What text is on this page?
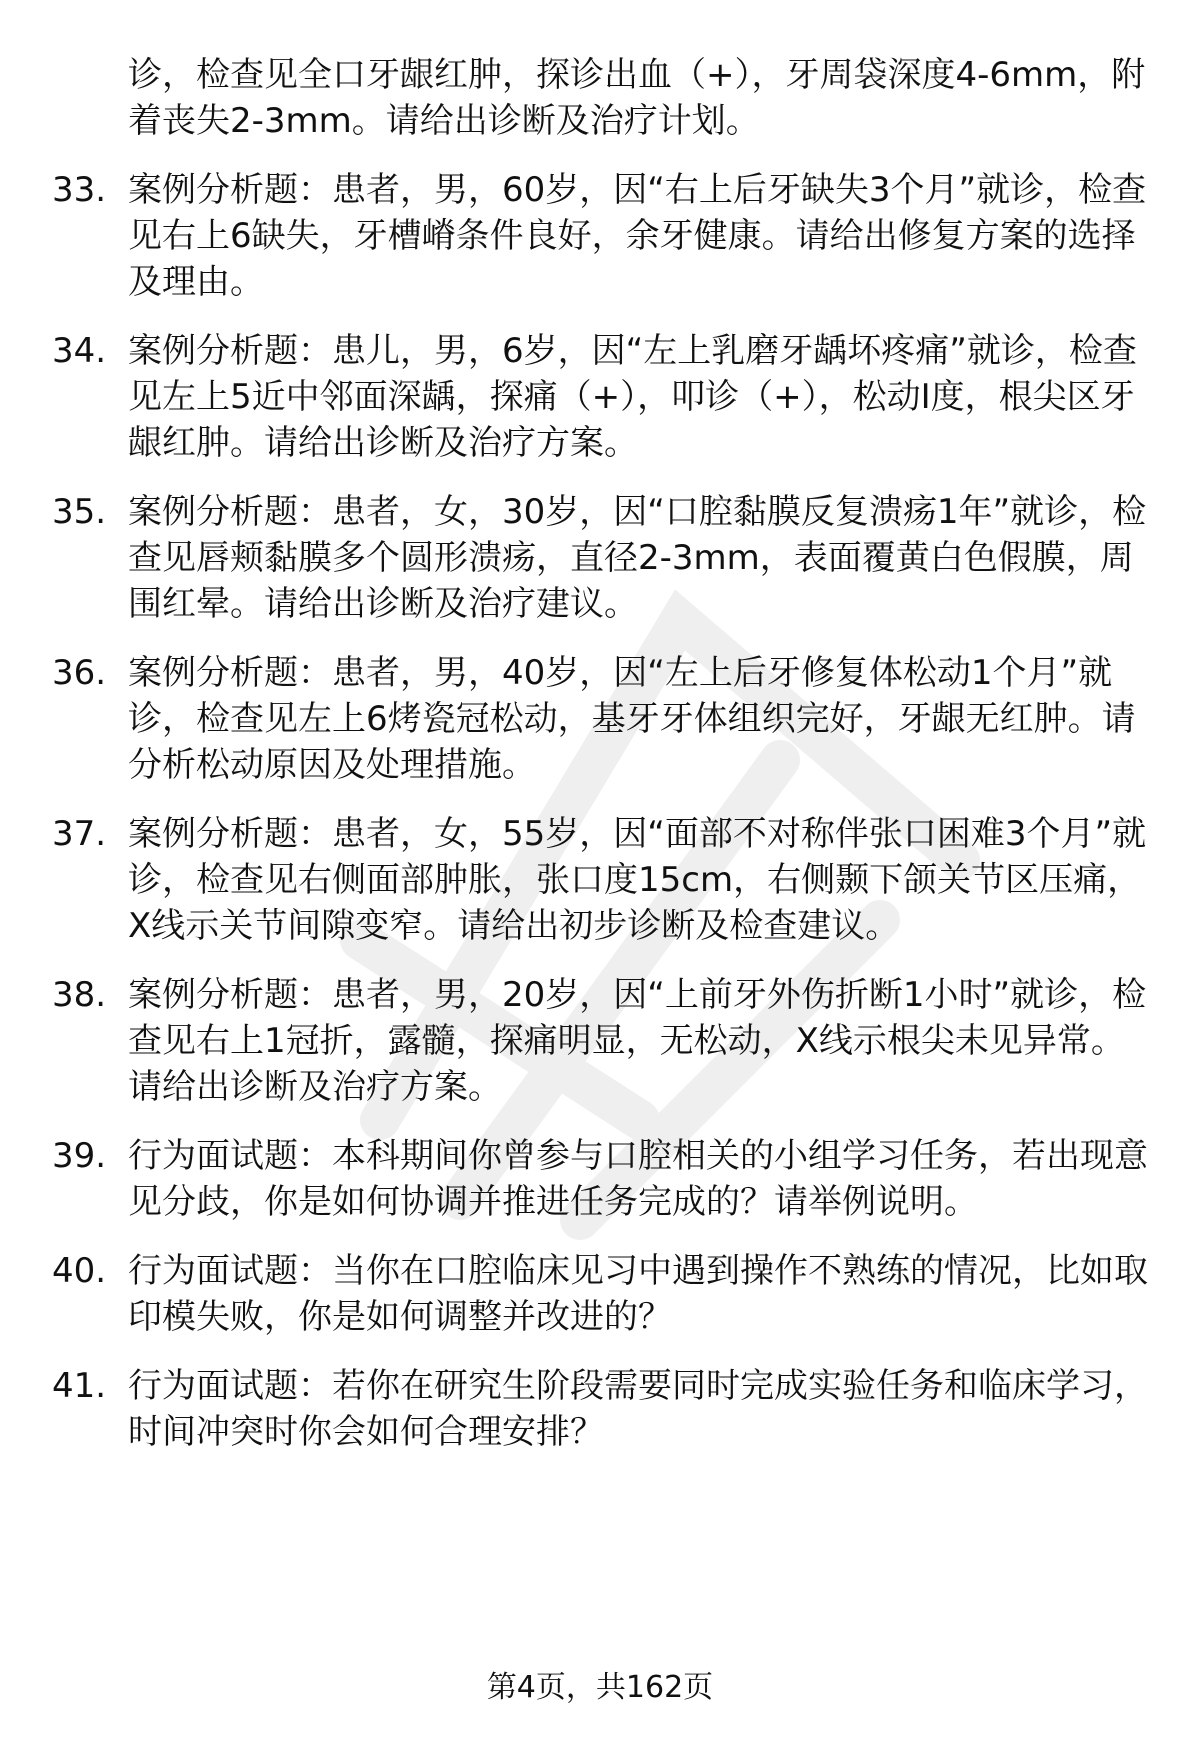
诊，检查见全口牙龈红肿，探诊出血（+），牙周袋深度4-6mm，附着丧失2-3mm。请给出诊断及治疗计划。
33. 案例分析题：患者，男，60岁，因“右上后牙缺失3个月”就诊，检查见右上6缺失，牙槽嵴条件良好，余牙健康。请给出修复方案的选择及理由。
34. 案例分析题：患儿，男，6岁，因“左上乳磨牙龋坏疼痛”就诊，检查见左上5近中邻面深龋，探痛（+），叩诊（+），松动Ⅰ度，根尖区牙龈红肿。请给出诊断及治疗方案。
35. 案例分析题：患者，女，30岁，因“口腔黏膜反复溃疡1年”就诊，检查见唇颊黏膜多个圆形溃疡，直径2-3mm，表面覆黄白色假膜，周围红晕。请给出诊断及治疗建议。
36. 案例分析题：患者，男，40岁，因“左上后牙修复体松动1个月”就诊，检查见左上6烤瓷冠松动，基牙牙体组织完好，牙龈无红肿。请分析松动原因及处理措施。
37. 案例分析题：患者，女，55岁，因“面部不对称伴张口困难3个月”就诊，检查见右侧面部肿胀，张口度15cm，右侧颞下颌关节区压痛，X线示关节间隙变窄。请给出初步诊断及检查建议。
38. 案例分析题：患者，男，20岁，因“上前牙外伤折断1小时”就诊，检查见右上1冠折，露髓，探痛明显，无松动，X线示根尖未见异常。请给出诊断及治疗方案。
39. 行为面试题：本科期间你曾参与口腔相关的小组学习任务，若出现意见分歧，你是如何协调并推进任务完成的？请举例说明。
40. 行为面试题：当你在口腔临床见习中遇到操作不熟练的情况，比如取印模失败，你是如何调整并改进的？
41. 行为面试题：若你在研究生阶段需要同时完成实验任务和临床学习，时间冲突时你会如何合理安排？
第4页，共162页
